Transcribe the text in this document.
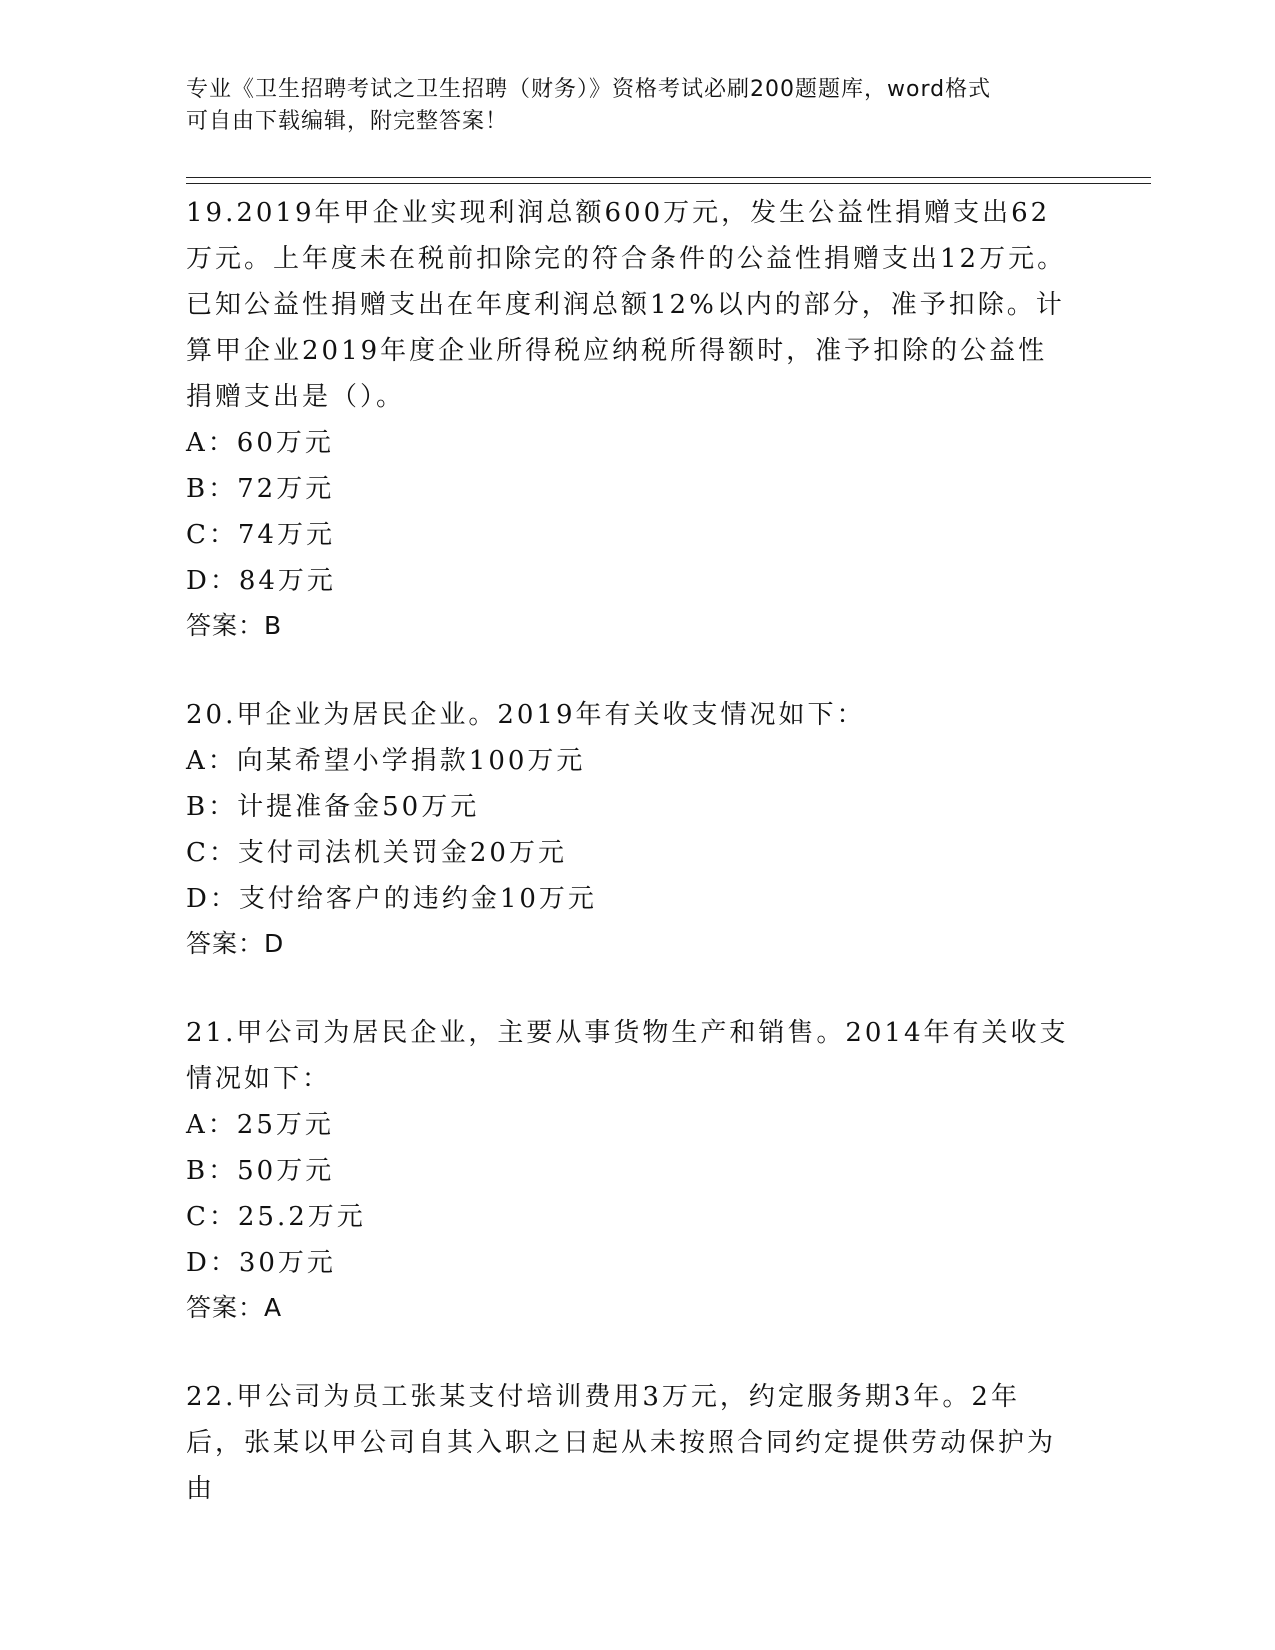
专业《卫生招聘考试之卫生招聘（财务）》资格考试必刷200题题库，word格式
可自由下载编辑，附完整答案！

19.2019年甲企业实现利润总额600万元，发生公益性捐赠支出62万元。上年度未在税前扣除完的符合条件的公益性捐赠支出12万元。已知公益性捐赠支出在年度利润总额12%以内的部分，准予扣除。计算甲企业2019年度企业所得税应纳税所得额时，准予扣除的公益性捐赠支出是（）。

A：60万元
B：72万元
C：74万元
D：84万元
答案：B

20.甲企业为居民企业。2019年有关收支情况如下：

A：向某希望小学捐款100万元
B：计提准备金50万元
C：支付司法机关罚金20万元
D：支付给客户的违约金10万元
答案：D

21.甲公司为居民企业，主要从事货物生产和销售。2014年有关收支情况如下：

A：25万元
B：50万元
C：25.2万元
D：30万元
答案：A

22.甲公司为员工张某支付培训费用3万元，约定服务期3年。2年后，张某以甲公司自其入职之日起从未按照合同约定提供劳动保护为由
